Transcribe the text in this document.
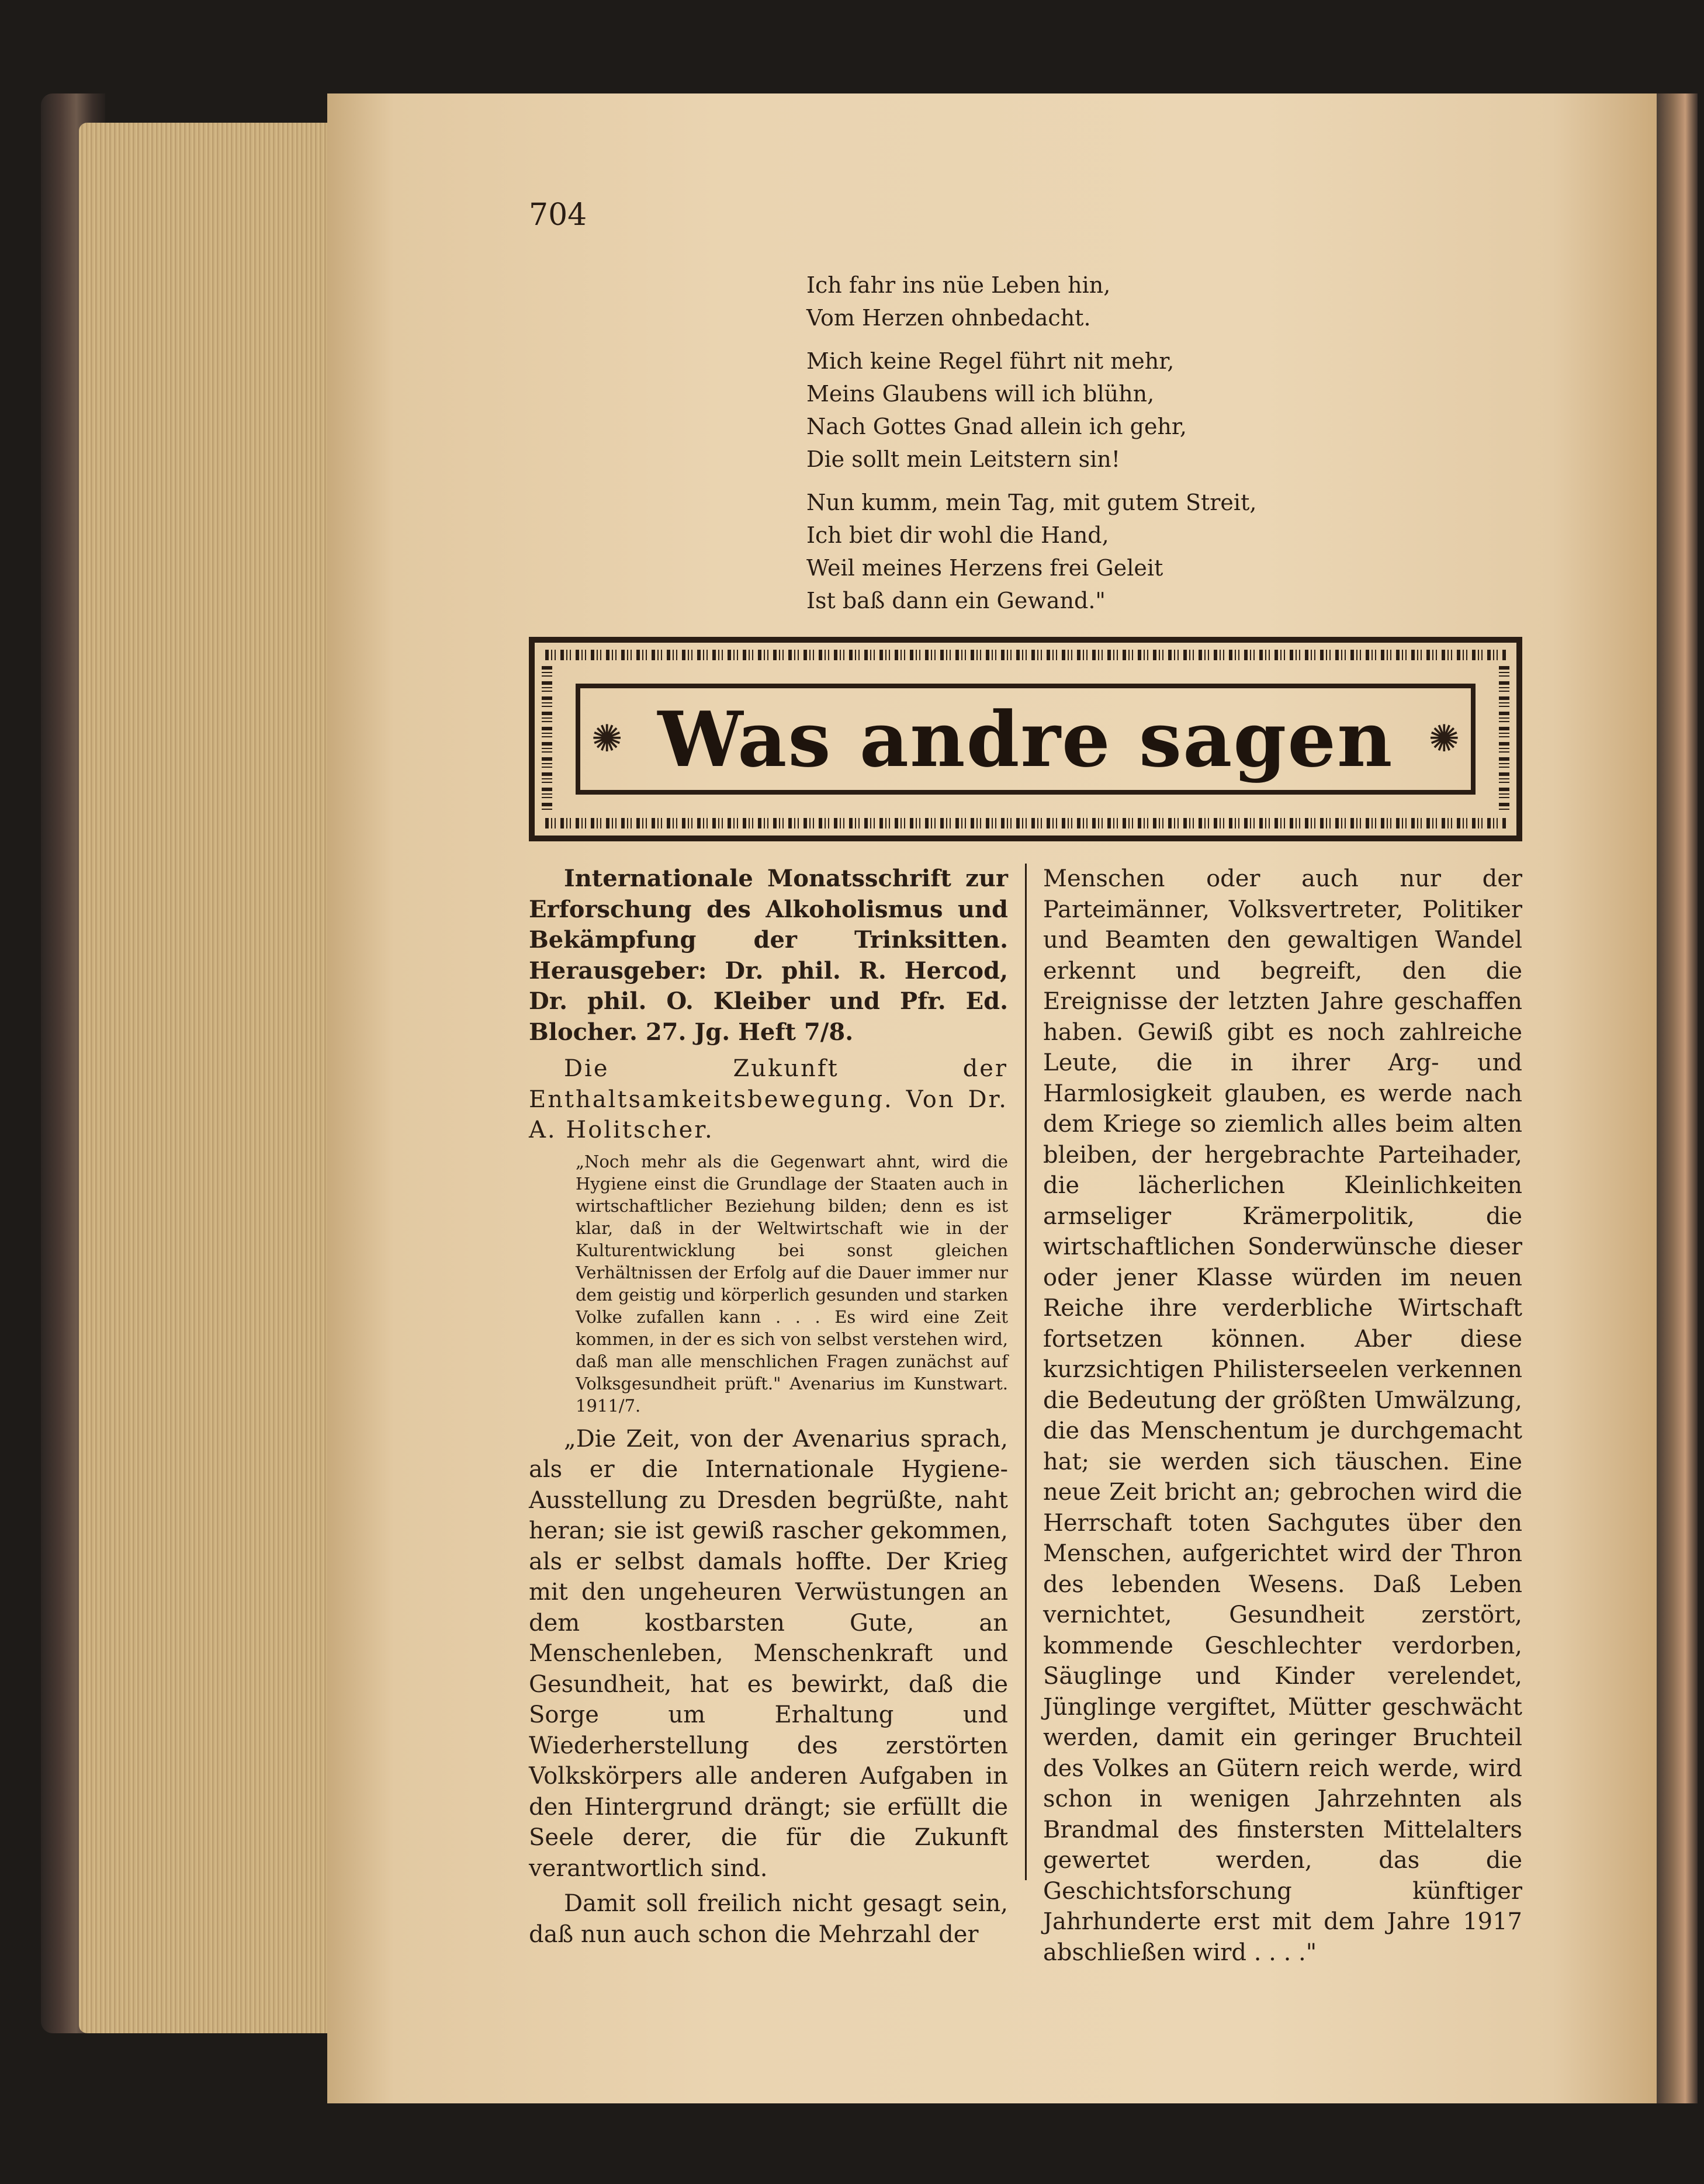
704
Ich fahr ins nüe Leben hin,
Vom Herzen ohnbedacht.
Mich keine Regel führt nit mehr,
Meins Glaubens will ich blühn,
Nach Gottes Gnad allein ich gehr,
Die sollt mein Leitstern sin!
Nun kumm, mein Tag, mit gutem Streit,
Ich biet dir wohl die Hand,
Weil meines Herzens frei Geleit
Ist baß dann ein Gewand."
✺ Was andre sagen ✺

Internationale Monatsschrift zur Erforschung des Alkoholismus und Bekämpfung der Trinksitten. Herausgeber: Dr. phil. R. Hercod, Dr. phil. O. Kleiber und Pfr. Ed. Blocher. 27. Jg. Heft 7/8.

Die Zukunft der Enthaltsamkeitsbewegung. Von Dr. A. Holitscher.

„Noch mehr als die Gegenwart ahnt, wird die Hygiene einst die Grundlage der Staaten auch in wirtschaftlicher Beziehung bilden; denn es ist klar, daß in der Weltwirtschaft wie in der Kulturentwicklung bei sonst gleichen Verhältnissen der Erfolg auf die Dauer immer nur dem geistig und körperlich gesunden und starken Volke zufallen kann . . . Es wird eine Zeit kommen, in der es sich von selbst verstehen wird, daß man alle menschlichen Fragen zunächst auf Volksgesundheit prüft." Avenarius im Kunstwart. 1911/7.

„Die Zeit, von der Avenarius sprach, als er die Internationale Hygiene-Ausstellung zu Dresden begrüßte, naht heran; sie ist gewiß rascher gekommen, als er selbst damals hoffte. Der Krieg mit den ungeheuren Verwüstungen an dem kostbarsten Gute, an Menschenleben, Menschenkraft und Gesundheit, hat es bewirkt, daß die Sorge um Erhaltung und Wiederherstellung des zerstörten Volkskörpers alle anderen Aufgaben in den Hintergrund drängt; sie erfüllt die Seele derer, die für die Zukunft verantwortlich sind.

Damit soll freilich nicht gesagt sein, daß nun auch schon die Mehrzahl der

Menschen oder auch nur der Parteimänner, Volksvertreter, Politiker und Beamten den gewaltigen Wandel erkennt und begreift, den die Ereignisse der letzten Jahre geschaffen haben. Gewiß gibt es noch zahlreiche Leute, die in ihrer Arg- und Harmlosigkeit glauben, es werde nach dem Kriege so ziemlich alles beim alten bleiben, der hergebrachte Parteihader, die lächerlichen Kleinlichkeiten armseliger Krämerpolitik, die wirtschaftlichen Sonderwünsche dieser oder jener Klasse würden im neuen Reiche ihre verderbliche Wirtschaft fortsetzen können. Aber diese kurzsichtigen Philisterseelen verkennen die Bedeutung der größten Umwälzung, die das Menschentum je durchgemacht hat; sie werden sich täuschen. Eine neue Zeit bricht an; gebrochen wird die Herrschaft toten Sachgutes über den Menschen, aufgerichtet wird der Thron des lebenden Wesens. Daß Leben vernichtet, Gesundheit zerstört, kommende Geschlechter verdorben, Säuglinge und Kinder verelendet, Jünglinge vergiftet, Mütter geschwächt werden, damit ein geringer Bruchteil des Volkes an Gütern reich werde, wird schon in wenigen Jahrzehnten als Brandmal des finstersten Mittelalters gewertet werden, das die Geschichtsforschung künftiger Jahrhunderte erst mit dem Jahre 1917 abschließen wird . . . ."
